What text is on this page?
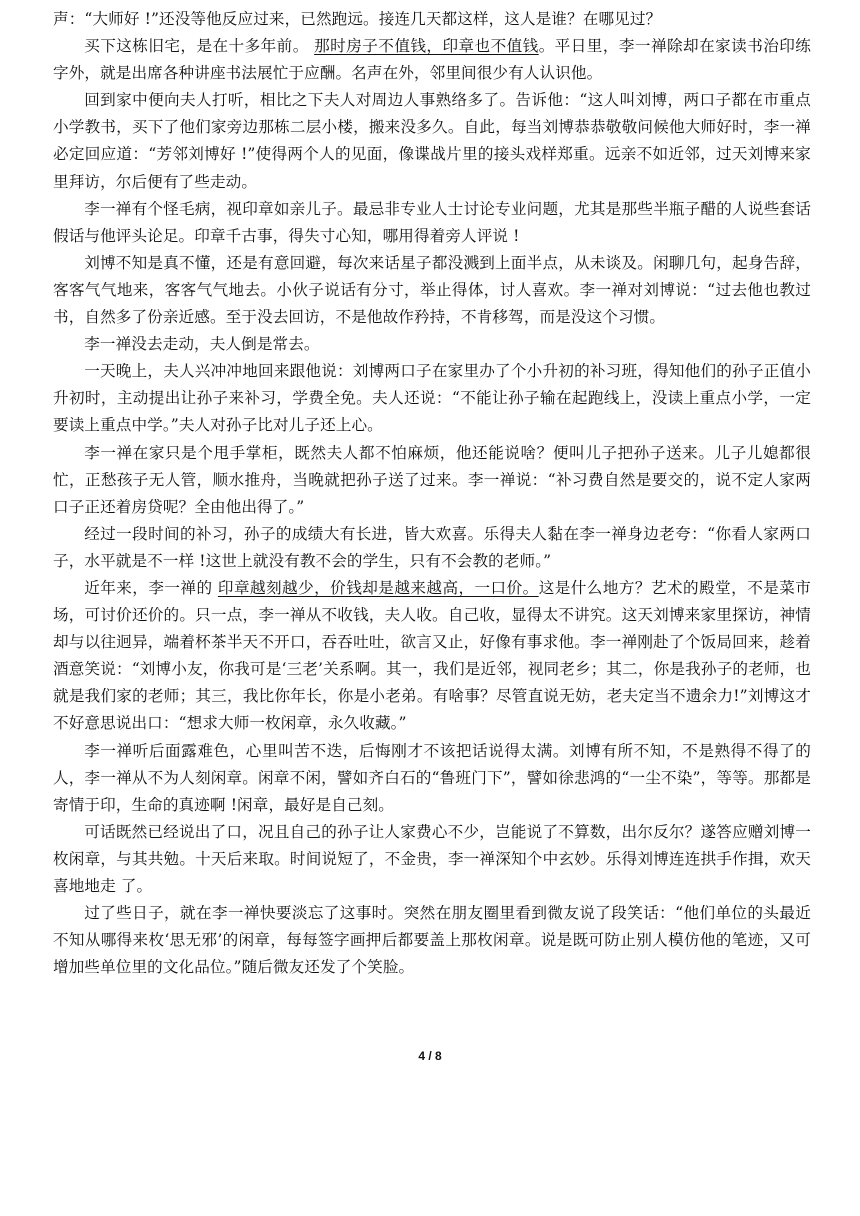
声：“大师好 !”还没等他反应过来，已然跑远。接连几天都这样，这人是谁？在哪见过？

买下这栋旧宅，是在十多年前。 那时房子不值钱，印章也不值钱。平日里，李一禅除却在家读书治印练字外，就是出席各种讲座书法展忙于应酬。名声在外，邻里间很少有人认识他。

回到家中便向夫人打听，相比之下夫人对周边人事熟络多了。告诉他：“这人叫刘博，两口子都在市重点小学教书，买下了他们家旁边那栋二层小楼，搬来没多久。自此，每当刘博恭恭敬敬问候他大师好时，李一禅必定回应道：“芳邻刘博好 !”使得两个人的见面，像谍战片里的接头戏样郑重。远亲不如近邻，过天刘博来家里拜访，尔后便有了些走动。

李一禅有个怪毛病，视印章如亲儿子。最忌非专业人士讨论专业问题，尤其是那些半瓶子醋的人说些套话假话与他评头论足。印章千古事，得失寸心知，哪用得着旁人评说 !

刘博不知是真不懂，还是有意回避，每次来话星子都没溅到上面半点，从未谈及。闲聊几句，起身告辞，客客气气地来，客客气气地去。小伙子说话有分寸，举止得体，讨人喜欢。李一禅对刘博说：“过去他也教过书，自然多了份亲近感。至于没去回访，不是他故作矜持，不肯移驾，而是没这个习惯。

李一禅没去走动，夫人倒是常去。

一天晚上，夫人兴冲冲地回来跟他说：刘博两口子在家里办了个小升初的补习班，得知他们的孙子正值小升初时，主动提出让孙子来补习，学费全免。夫人还说：“不能让孙子输在起跑线上，没读上重点小学，一定要读上重点中学。”夫人对孙子比对儿子还上心。

李一禅在家只是个甩手掌柜，既然夫人都不怕麻烦，他还能说啥？便叫儿子把孙子送来。儿子儿媳都很忙，正愁孩子无人管，顺水推舟，当晚就把孙子送了过来。李一禅说：“补习费自然是要交的，说不定人家两口子正还着房贷呢？全由他出得了。”

经过一段时间的补习，孙子的成绩大有长进，皆大欢喜。乐得夫人黏在李一禅身边老夸：“你看人家两口子，水平就是不一样 !这世上就没有教不会的学生，只有不会教的老师。”

近年来，李一禅的 印章越刻越少，价钱却是越来越高，一口价。这是什么地方？艺术的殿堂，不是菜市场，可讨价还价的。只一点，李一禅从不收钱，夫人收。自己收，显得太不讲究。这天刘博来家里探访，神情却与以往迥异，端着杯茶半天不开口，吞吞吐吐，欲言又止，好像有事求他。李一禅刚赴了个饭局回来，趁着酒意笑说：“刘博小友，你我可是‘三老’关系啊。其一，我们是近邻，视同老乡；其二，你是我孙子的老师，也就是我们家的老师；其三，我比你年长，你是小老弟。有啥事？尽管直说无妨，老夫定当不遗余力!”刘博这才不好意思说出口：“想求大师一枚闲章，永久收藏。”

李一禅听后面露难色，心里叫苦不迭，后悔刚才不该把话说得太满。刘博有所不知，不是熟得不得了的人，李一禅从不为人刻闲章。闲章不闲，譬如齐白石的“鲁班门下”，譬如徐悲鸿的“一尘不染”，等等。那都是寄情于印，生命的真迹啊 !闲章，最好是自己刻。

可话既然已经说出了口，况且自己的孙子让人家费心不少，岂能说了不算数，出尔反尔？遂答应赠刘博一枚闲章，与其共勉。十天后来取。时间说短了，不金贵，李一禅深知个中玄妙。乐得刘博连连拱手作揖，欢天喜地地走 了。

过了些日子，就在李一禅快要淡忘了这事时。突然在朋友圈里看到微友说了段笑话：“他们单位的头最近不知从哪得来枚‘思无邪’的闲章，每每签字画押后都要盖上那枚闲章。说是既可防止别人模仿他的笔迹，又可增加些单位里的文化品位。”随后微友还发了个笑脸。

4 / 8
